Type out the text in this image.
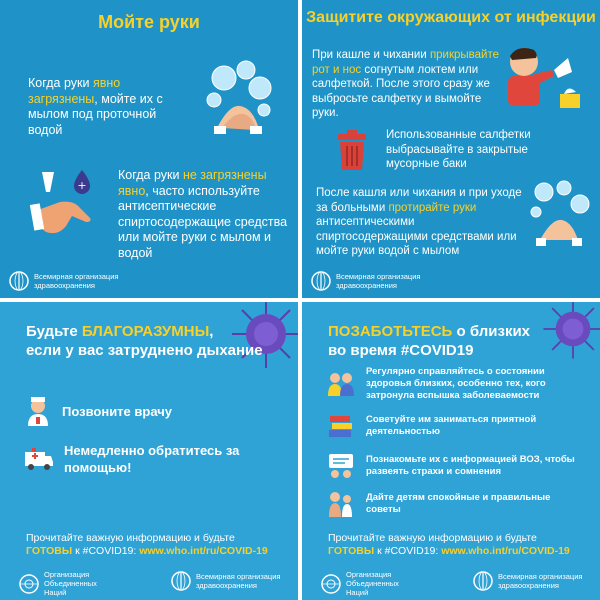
Мойте руки
Когда руки явно загрязнены, мойте их с мылом под проточной водой
+
Когда руки не загрязнены явно, часто используйте антисептические спиртосодержащие средства или мойте руки с мылом и водой
Всемирная организация здравоохранения
Защитите окружающих от инфекции
При кашле и чихании прикрывайте рот и нос согнутым локтем или салфеткой. После этого сразу же выбросьте салфетку и вымойте руки.
Использованные салфетки выбрасывайте в закрытые мусорные баки
После кашля или чихания и при уходе за больными протирайте руки антисептическими спиртосодержащими средствами или мойте руки водой с мылом
Всемирная организация здравоохранения
Будьте БЛАГОРАЗУМНЫ,
если у вас затруднено дыхание
Позвоните врачу
Немедленно обратитесь за помощью!
Прочитайте важную информацию и будьте ГОТОВЫ к #COVID19: www.who.int/ru/COVID-19
Организация Объединенных Наций
Всемирная организация здравоохранения
ПОЗАБОТЬТЕСЬ о близких
во время #COVID19
Регулярно справляйтесь о состоянии здоровья близких, особенно тех, кого затронула вспышка заболеваемости
Советуйте им заниматься приятной деятельностью
Познакомьте их с информацией ВОЗ, чтобы развеять страхи и сомнения
Дайте детям спокойные и правильные советы
Прочитайте важную информацию и будьте ГОТОВЫ к #COVID19: www.who.int/ru/COVID-19
Организация Объединенных Наций
Всемирная организация здравоохранения
